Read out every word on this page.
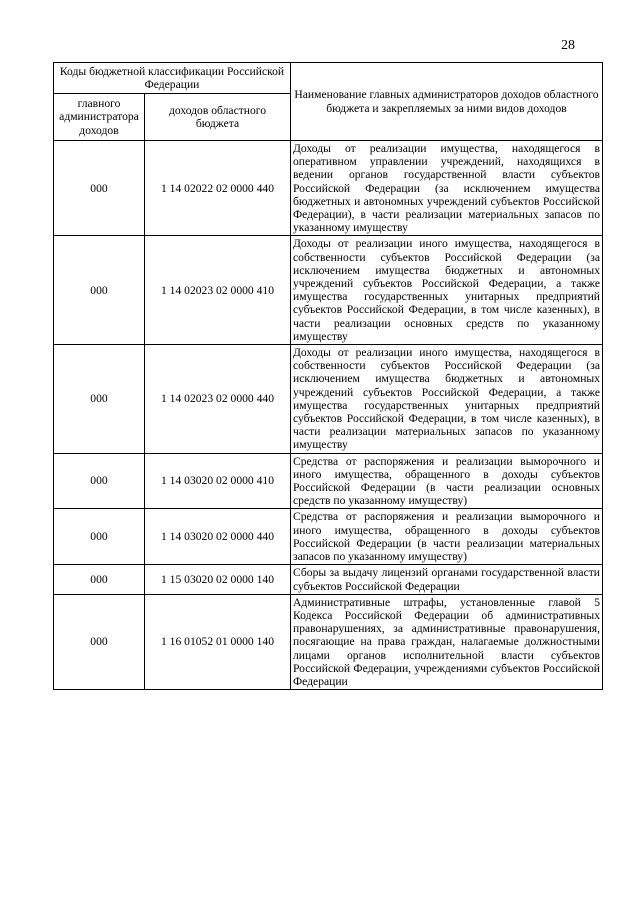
28
Коды бюджетной классификации Российской Федерации		Наименование главных администраторов доходов областного бюджета и закрепляемых за ними видов доходов
главного администратора доходов	доходов областного бюджета	
000	1 14 02022 02 0000 440	Доходы от реализации имущества, находящегося в оперативном управлении учреждений, находящихся в ведении органов государственной власти субъектов Российской Федерации (за исключением имущества бюджетных и автономных учреждений субъектов Российской Федерации), в части реализации материальных запасов по указанному имуществу
000	1 14 02023 02 0000 410	Доходы от реализации иного имущества, находящегося в собственности субъектов Российской Федерации (за исключением имущества бюджетных и автономных учреждений субъектов Российской Федерации, а также имущества государственных унитарных предприятий субъектов Российской Федерации, в том числе казенных), в части реализации основных средств по указанному имуществу
000	1 14 02023 02 0000 440	Доходы от реализации иного имущества, находящегося в собственности субъектов Российской Федерации (за исключением имущества бюджетных и автономных учреждений субъектов Российской Федерации, а также имущества государственных унитарных предприятий субъектов Российской Федерации, в том числе казенных), в части реализации материальных запасов по указанному имуществу
000	1 14 03020 02 0000 410	Средства от распоряжения и реализации выморочного и иного имущества, обращенного в доходы субъектов Российской Федерации (в части реализации основных средств по указанному имуществу)
000	1 14 03020 02 0000 440	Средства от распоряжения и реализации выморочного и иного имущества, обращенного в доходы субъектов Российской Федерации (в части реализации материальных запасов по указанному имуществу)
000	1 15 03020 02 0000 140	Сборы за выдачу лицензий органами государственной власти субъектов Российской Федерации
000	1 16 01052 01 0000 140	Административные штрафы, установленные главой 5 Кодекса Российской Федерации об административных правонарушениях, за административные правонарушения, посягающие на права граждан, налагаемые должностными лицами органов исполнительной власти субъектов Российской Федерации, учреждениями субъектов Российской Федерации
